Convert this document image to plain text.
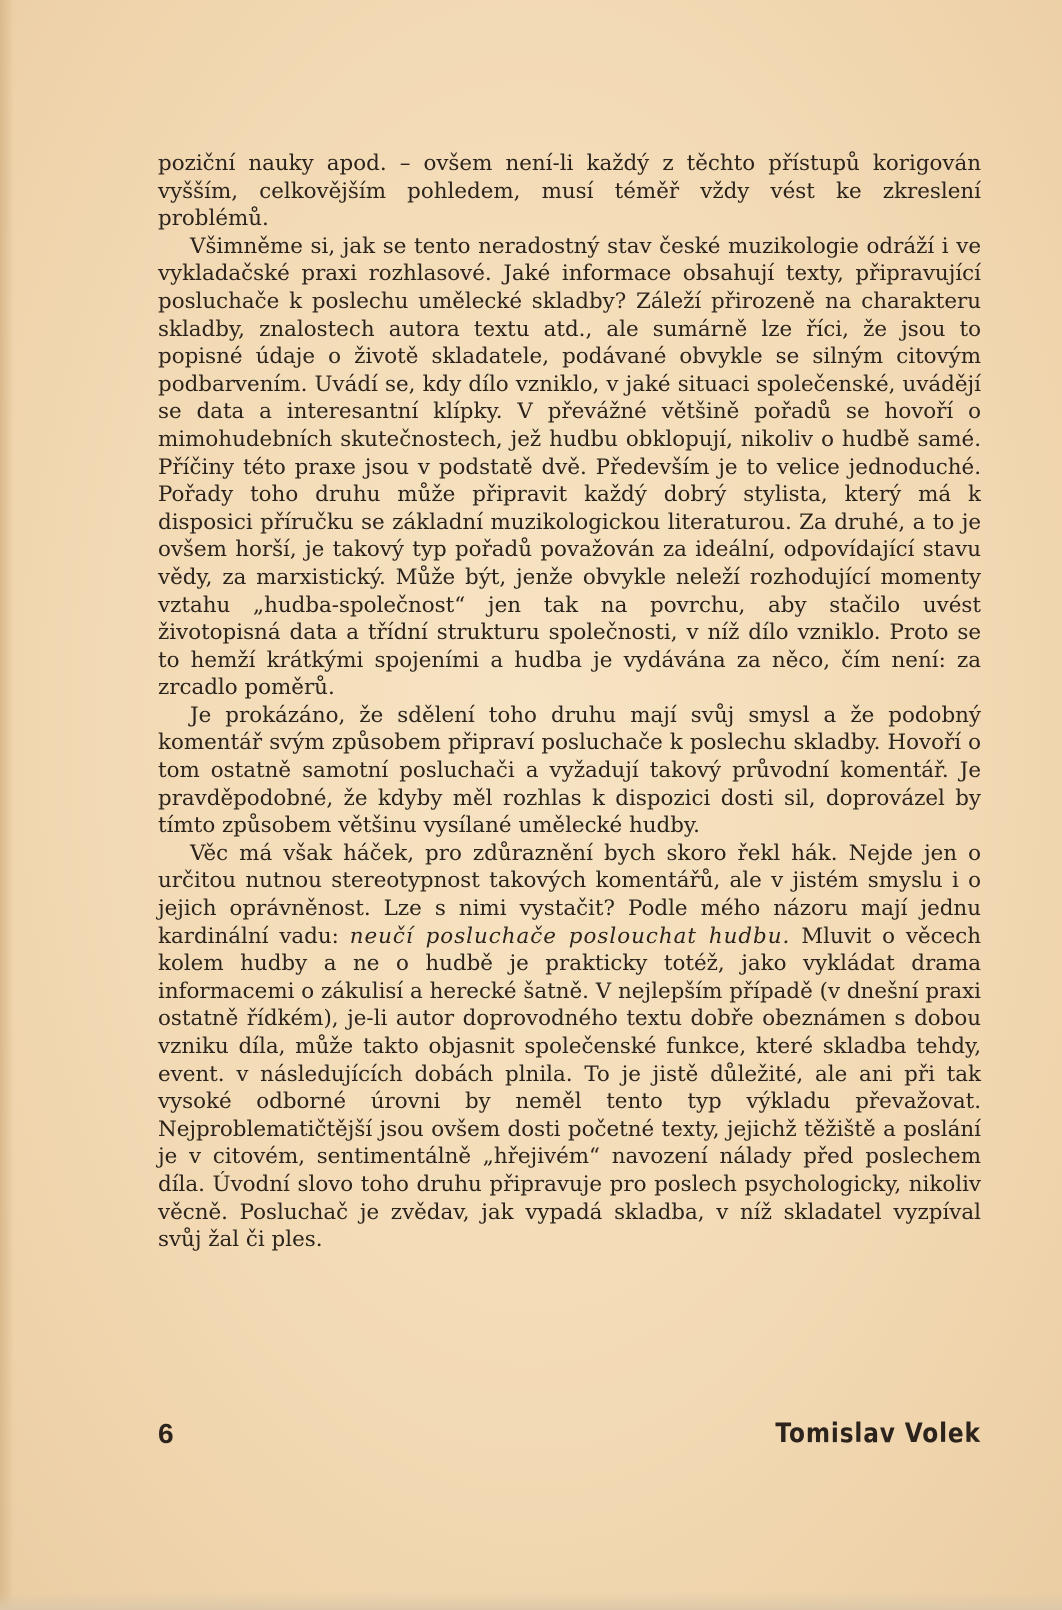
poziční nauky apod. – ovšem není-li každý z těchto přístupů korigován vyšším, celkovějším pohledem, musí téměř vždy vést ke zkreslení problémů.

Všimněme si, jak se tento neradostný stav české muzikologie odráží i ve vykladačské praxi rozhlasové. Jaké informace obsahují texty, připravující posluchače k poslechu umělecké skladby? Záleží přirozeně na charakteru skladby, znalostech autora textu atd., ale sumárně lze říci, že jsou to popisné údaje o životě skladatele, podávané obvykle se silným citovým podbarvením. Uvádí se, kdy dílo vzniklo, v jaké situaci společenské, uvádějí se data a interesantní klípky. V převážné většině pořadů se hovoří o mimohudebních skutečnostech, jež hudbu obklopují, nikoliv o hudbě samé. Příčiny této praxe jsou v podstatě dvě. Především je to velice jednoduché. Pořady toho druhu může připravit každý dobrý stylista, který má k disposici příručku se základní muzikologickou literaturou. Za druhé, a to je ovšem horší, je takový typ pořadů považován za ideální, odpovídající stavu vědy, za marxistický. Může být, jenže obvykle neleží rozhodující momenty vztahu „hudba-společnost“ jen tak na povrchu, aby stačilo uvést životopisná data a třídní strukturu společnosti, v níž dílo vzniklo. Proto se to hemží krátkými spojeními a hudba je vydávána za něco, čím není: za zrcadlo poměrů.

Je prokázáno, že sdělení toho druhu mají svůj smysl a že podobný komentář svým způsobem připraví posluchače k poslechu skladby. Hovoří o tom ostatně samotní posluchači a vyžadují takový průvodní komentář. Je pravděpodobné, že kdyby měl rozhlas k dispozici dosti sil, doprovázel by tímto způsobem většinu vysílané umělecké hudby.

Věc má však háček, pro zdůraznění bych skoro řekl hák. Nejde jen o určitou nutnou stereotypnost takových komentářů, ale v jistém smyslu i o jejich oprávněnost. Lze s nimi vystačit? Podle mého názoru mají jednu kardinální vadu: neučí posluchače poslouchat hudbu. Mluvit o věcech kolem hudby a ne o hudbě je prakticky totéž, jako vykládat drama informacemi o zákulisí a herecké šatně. V nejlepším případě (v dnešní praxi ostatně řídkém), je-li autor doprovodného textu dobře obeznámen s dobou vzniku díla, může takto objasnit společenské funkce, které skladba tehdy, event. v následujících dobách plnila. To je jistě důležité, ale ani při tak vysoké odborné úrovni by neměl tento typ výkladu převažovat. Nejproblematičtější jsou ovšem dosti početné texty, jejichž těžiště a poslání je v citovém, sentimentálně „hřejivém“ navození nálady před poslechem díla. Úvodní slovo toho druhu připravuje pro poslech psychologicky, nikoliv věcně. Posluchač je zvědav, jak vypadá skladba, v níž skladatel vyzpíval svůj žal či ples.

6	Tomislav Volek
